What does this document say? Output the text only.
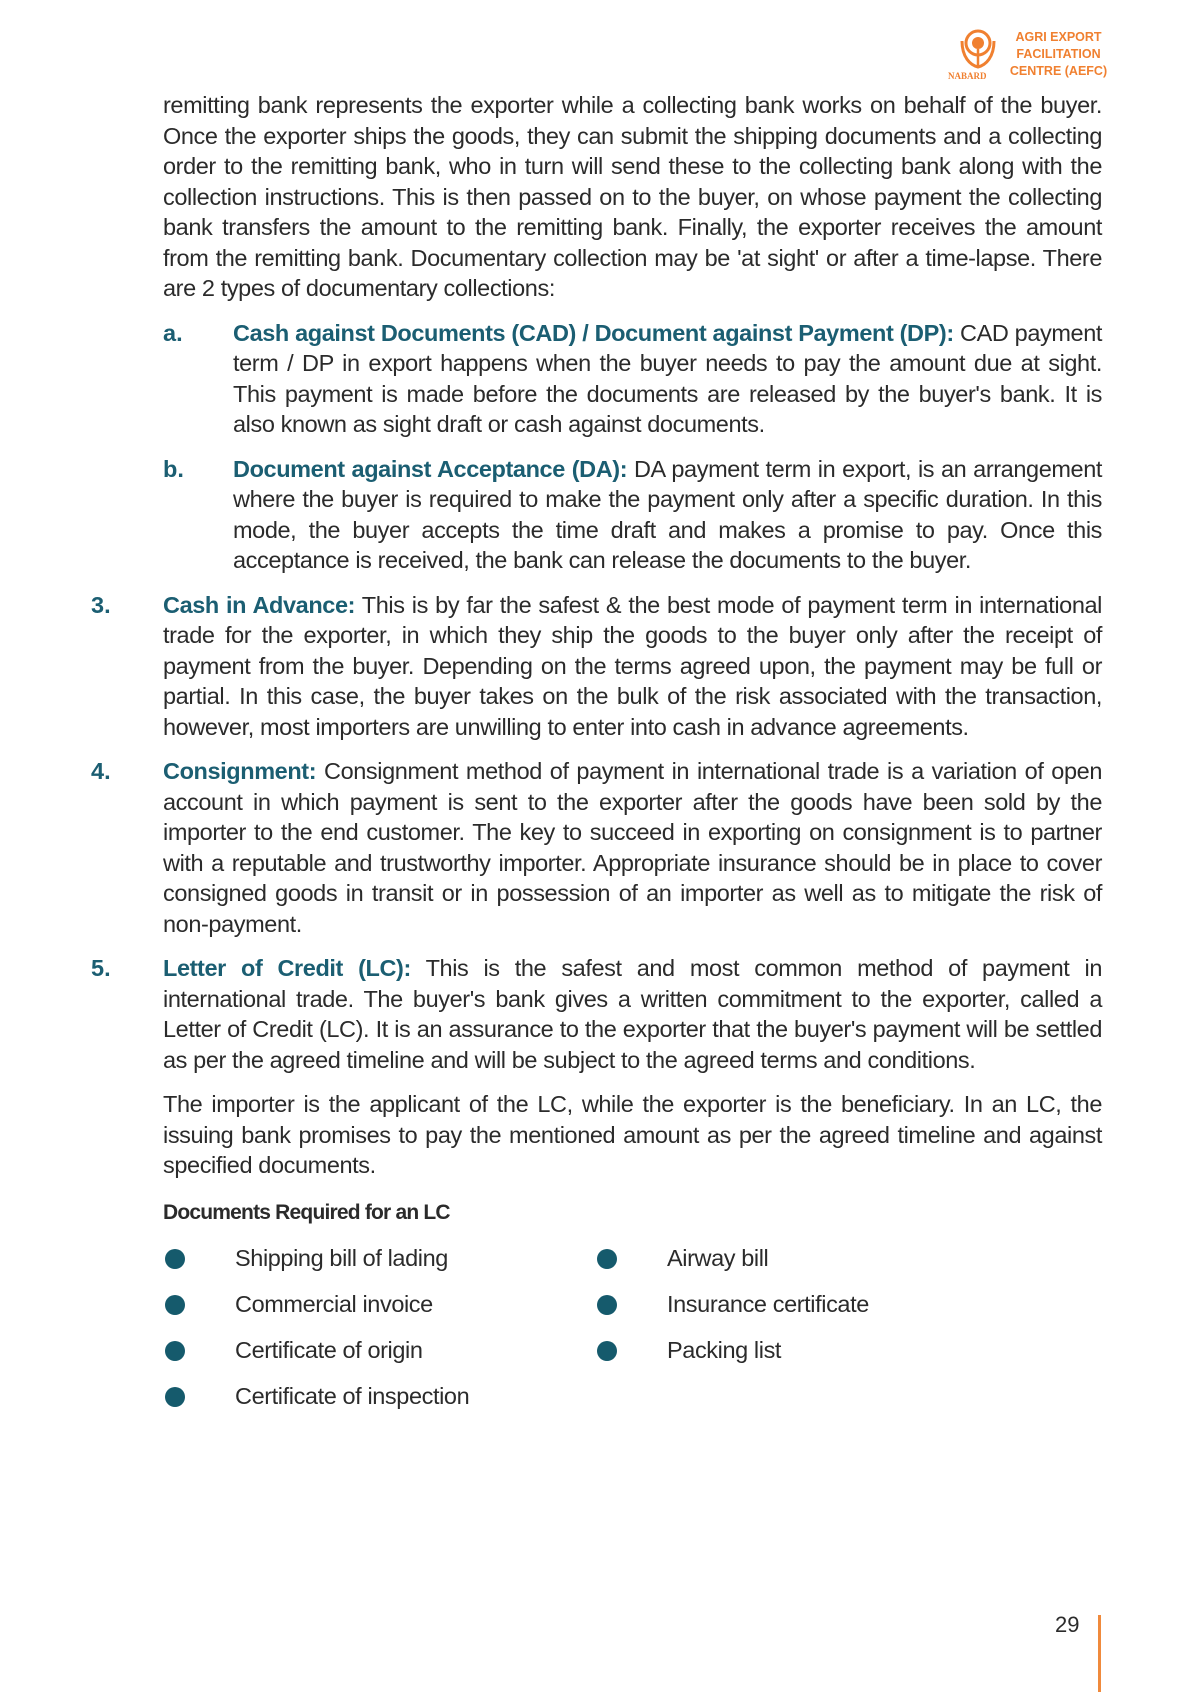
NABARD
AGRI EXPORT
FACILITATION
CENTRE (AEFC)

remitting bank represents the exporter while a collecting bank works on behalf of the buyer. Once the exporter ships the goods, they can submit the shipping documents and a collecting order to the remitting bank, who in turn will send these to the collecting bank along with the collection instructions. This is then passed on to the buyer, on whose payment the collecting bank transfers the amount to the remitting bank. Finally, the exporter receives the amount from the remitting bank. Documentary collection may be 'at sight' or after a time-lapse. There are 2 types of documentary collections:

a. Cash against Documents (CAD) / Document against Payment (DP): CAD payment term / DP in export happens when the buyer needs to pay the amount due at sight. This payment is made before the documents are released by the buyer's bank. It is also known as sight draft or cash against documents.

b. Document against Acceptance (DA): DA payment term in export, is an arrangement where the buyer is required to make the payment only after a specific duration. In this mode, the buyer accepts the time draft and makes a promise to pay. Once this acceptance is received, the bank can release the documents to the buyer.

3. Cash in Advance: This is by far the safest & the best mode of payment term in international trade for the exporter, in which they ship the goods to the buyer only after the receipt of payment from the buyer. Depending on the terms agreed upon, the payment may be full or partial. In this case, the buyer takes on the bulk of the risk associated with the transaction, however, most importers are unwilling to enter into cash in advance agreements.

4. Consignment: Consignment method of payment in international trade is a variation of open account in which payment is sent to the exporter after the goods have been sold by the importer to the end customer. The key to succeed in exporting on consignment is to partner with a reputable and trustworthy importer. Appropriate insurance should be in place to cover consigned goods in transit or in possession of an importer as well as to mitigate the risk of non-payment.

5. Letter of Credit (LC): This is the safest and most common method of payment in international trade. The buyer's bank gives a written commitment to the exporter, called a Letter of Credit (LC). It is an assurance to the exporter that the buyer's payment will be settled as per the agreed timeline and will be subject to the agreed terms and conditions.

The importer is the applicant of the LC, while the exporter is the beneficiary. In an LC, the issuing bank promises to pay the mentioned amount as per the agreed timeline and against specified documents.

Documents Required for an LC
Shipping bill of lading	Airway bill
Commercial invoice	Insurance certificate
Certificate of origin	Packing list
Certificate of inspection
29
